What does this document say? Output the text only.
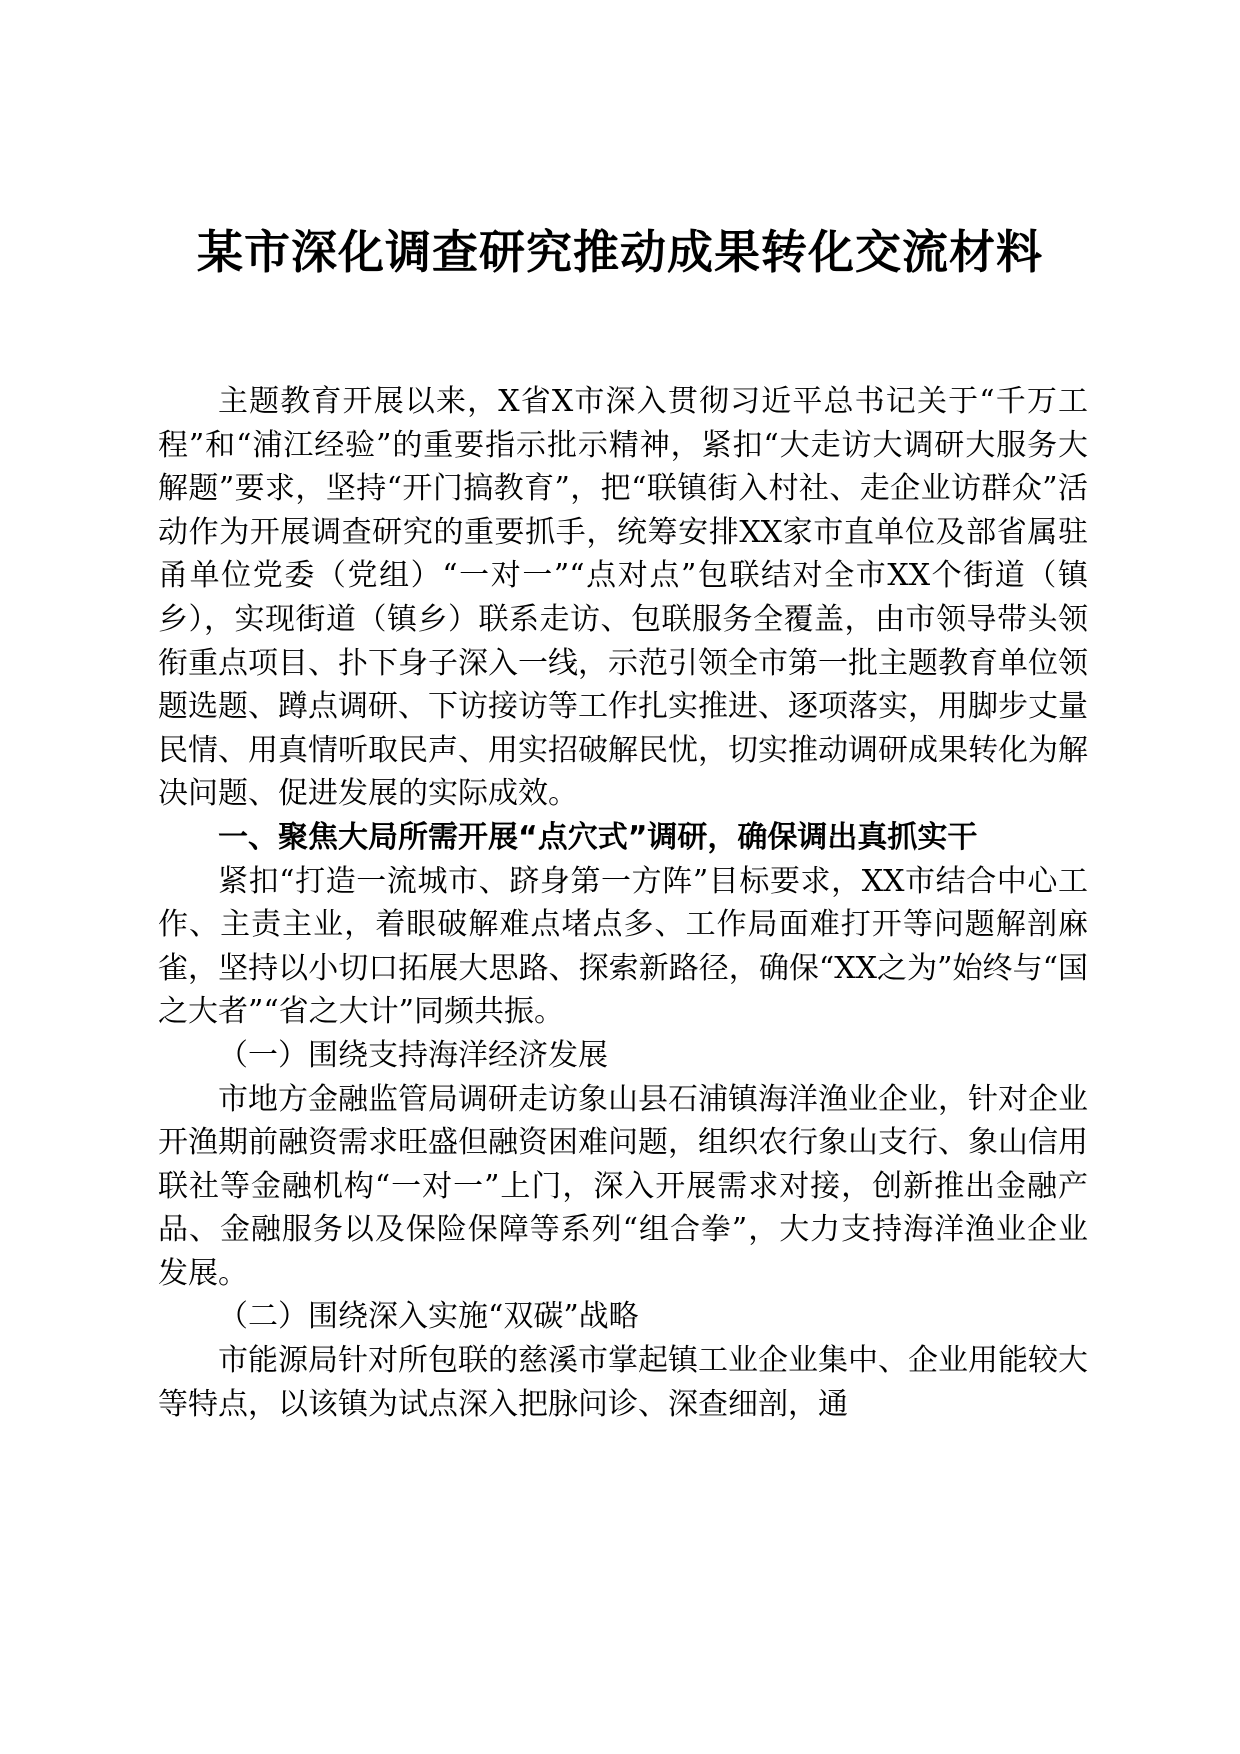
某市深化调查研究推动成果转化交流材料

主题教育开展以来，X省X市深入贯彻习近平总书记关于“千万工程”和“浦江经验”的重要指示批示精神，紧扣“大走访大调研大服务大解题”要求，坚持“开门搞教育”，把“联镇街入村社、走企业访群众”活动作为开展调查研究的重要抓手，统筹安排XX家市直单位及部省属驻甬单位党委（党组）“一对一”“点对点”包联结对全市XX个街道（镇乡），实现街道（镇乡）联系走访、包联服务全覆盖，由市领导带头领衔重点项目、扑下身子深入一线，示范引领全市第一批主题教育单位领题选题、蹲点调研、下访接访等工作扎实推进、逐项落实，用脚步丈量民情、用真情听取民声、用实招破解民忧，切实推动调研成果转化为解决问题、促进发展的实际成效。

一、聚焦大局所需开展“点穴式”调研，确保调出真抓实干

紧扣“打造一流城市、跻身第一方阵”目标要求，XX市结合中心工作、主责主业，着眼破解难点堵点多、工作局面难打开等问题解剖麻雀，坚持以小切口拓展大思路、探索新路径，确保“XX之为”始终与“国之大者”“省之大计”同频共振。

（一）围绕支持海洋经济发展

市地方金融监管局调研走访象山县石浦镇海洋渔业企业，针对企业开渔期前融资需求旺盛但融资困难问题，组织农行象山支行、象山信用联社等金融机构“一对一”上门，深入开展需求对接，创新推出金融产品、金融服务以及保险保障等系列“组合拳”，大力支持海洋渔业企业发展。

（二）围绕深入实施“双碳”战略

市能源局针对所包联的慈溪市掌起镇工业企业集中、企业用能较大等特点，以该镇为试点深入把脉问诊、深查细剖，通
